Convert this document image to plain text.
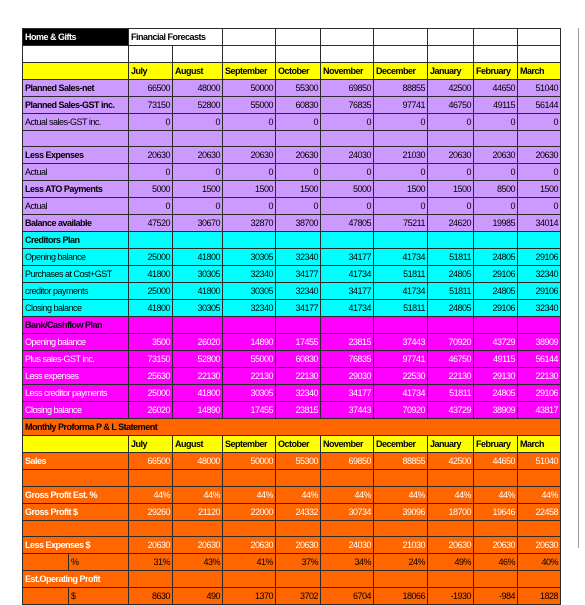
Home & Gifts		Financial Forecasts								

		July	August	September	October	November	December	January	February	March
Planned Sales-net		66500	48000	50000	55300	69850	88855	42500	44650	51040
Planned Sales-GST inc.		73150	52800	55000	60830	76835	97741	46750	49115	56144
Actual sales-GST inc.		0	0	0	0	0	0	0	0	0

Less Expenses		20630	20630	20630	20630	24030	21030	20630	20630	20630
Actual		0	0	0	0	0	0	0	0	0
Less ATO Payments		5000	1500	1500	1500	5000	1500	1500	8500	1500
Actual		0	0	0	0	0	0	0	0	0
Balance available		47520	30670	32870	38700	47805	75211	24620	19985	34014
Creditors Plan										
Opening balance		25000	41800	30305	32340	34177	41734	51811	24805	29106
Purchases at Cost+GST		41800	30305	32340	34177	41734	51811	24805	29106	32340
creditor payments		25000	41800	30305	32340	34177	41734	51811	24805	29106
Closing balance		41800	30305	32340	34177	41734	51811	24805	29106	32340
Bank/Cashflow Plan										
Opening balance		3500	26020	14890	17455	23815	37443	70920	43729	38909
Plus sales-GST inc.		73150	52800	55000	60830	76835	97741	46750	49115	56144
Less expenses		25630	22130	22130	22130	29030	22530	22130	29130	22130
Less creditor payments		25000	41800	30305	32340	34177	41734	51811	24805	29106
Closing balance		26020	14890	17455	23815	37443	70920	43729	38909	43817
Monthly Proforma P & L Statement										
		July	August	September	October	November	December	January	February	March
Sales		66500	48000	50000	55300	69850	88855	42500	44650	51040

Gross Profit Est. %		44%	44%	44%	44%	44%	44%	44%	44%	44%
Gross Profit $		29260	21120	22000	24332	30734	39096	18700	19646	22458

Less Expenses $		20630	20630	20630	20630	24030	21030	20630	20630	20630
	%	31%	43%	41%	37%	34%	24%	49%	46%	40%
Est.Operating Profit										
	$	8630	490	1370	3702	6704	18066	-1930	-984	1828
